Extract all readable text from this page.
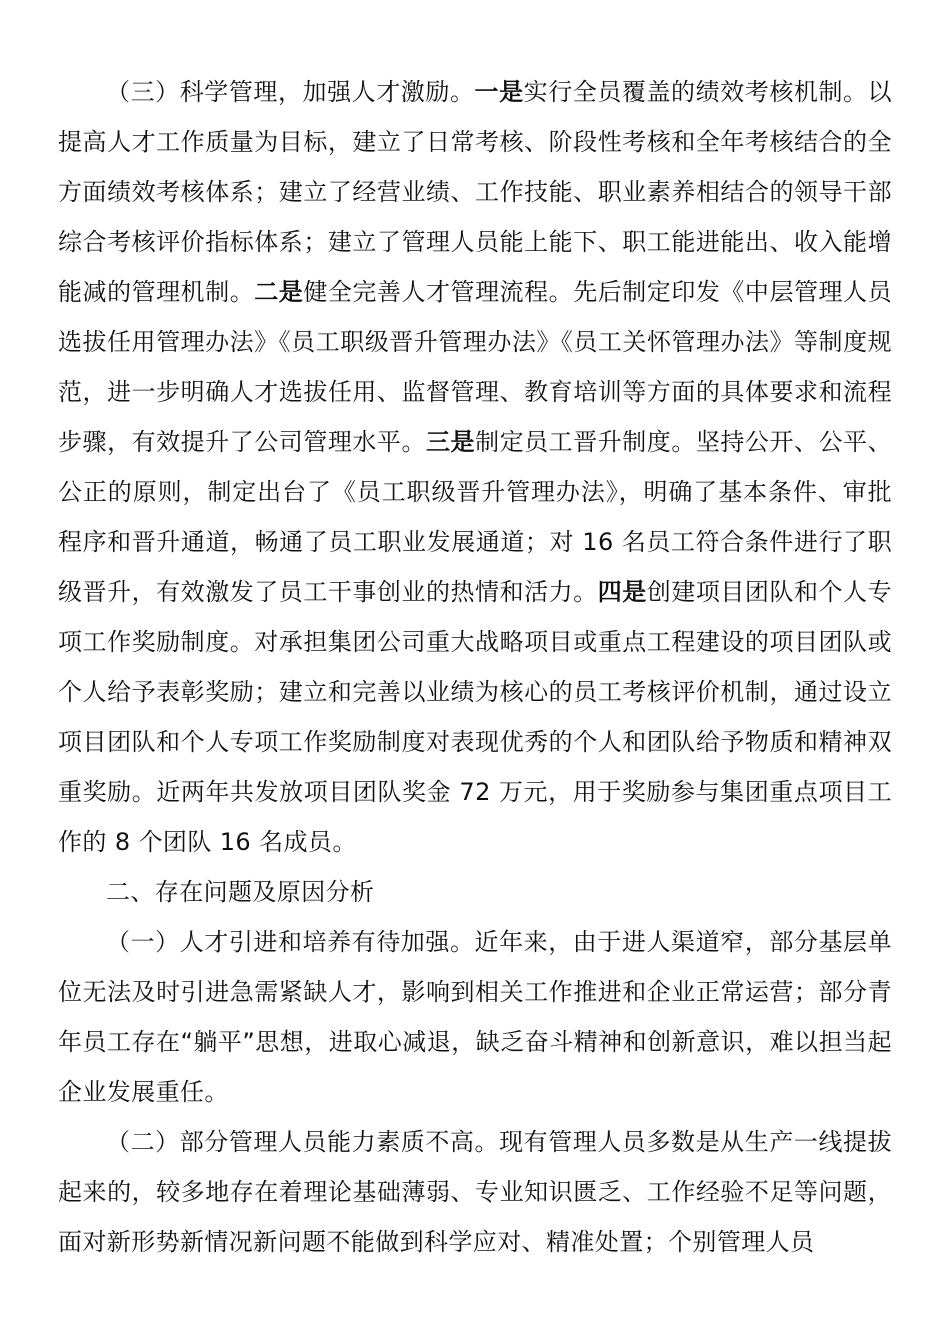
（三）科学管理，加强人才激励。一是实行全员覆盖的绩效考核机制。以提高人才工作质量为目标，建立了日常考核、阶段性考核和全年考核结合的全方面绩效考核体系；建立了经营业绩、工作技能、职业素养相结合的领导干部综合考核评价指标体系；建立了管理人员能上能下、职工能进能出、收入能增能减的管理机制。二是健全完善人才管理流程。先后制定印发《中层管理人员选拔任用管理办法》《员工职级晋升管理办法》《员工关怀管理办法》等制度规范，进一步明确人才选拔任用、监督管理、教育培训等方面的具体要求和流程步骤，有效提升了公司管理水平。三是制定员工晋升制度。坚持公开、公平、公正的原则，制定出台了《员工职级晋升管理办法》，明确了基本条件、审批程序和晋升通道，畅通了员工职业发展通道；对 16 名员工符合条件进行了职级晋升，有效激发了员工干事创业的热情和活力。四是创建项目团队和个人专项工作奖励制度。对承担集团公司重大战略项目或重点工程建设的项目团队或个人给予表彰奖励；建立和完善以业绩为核心的员工考核评价机制，通过设立项目团队和个人专项工作奖励制度对表现优秀的个人和团队给予物质和精神双重奖励。近两年共发放项目团队奖金 72 万元，用于奖励参与集团重点项目工作的 8 个团队 16 名成员。

二、存在问题及原因分析

（一）人才引进和培养有待加强。近年来，由于进人渠道窄，部分基层单位无法及时引进急需紧缺人才，影响到相关工作推进和企业正常运营；部分青年员工存在“躺平”思想，进取心减退，缺乏奋斗精神和创新意识，难以担当起企业发展重任。

（二）部分管理人员能力素质不高。现有管理人员多数是从生产一线提拔起来的，较多地存在着理论基础薄弱、专业知识匮乏、工作经验不足等问题，面对新形势新情况新问题不能做到科学应对、精准处置；个别管理人员
